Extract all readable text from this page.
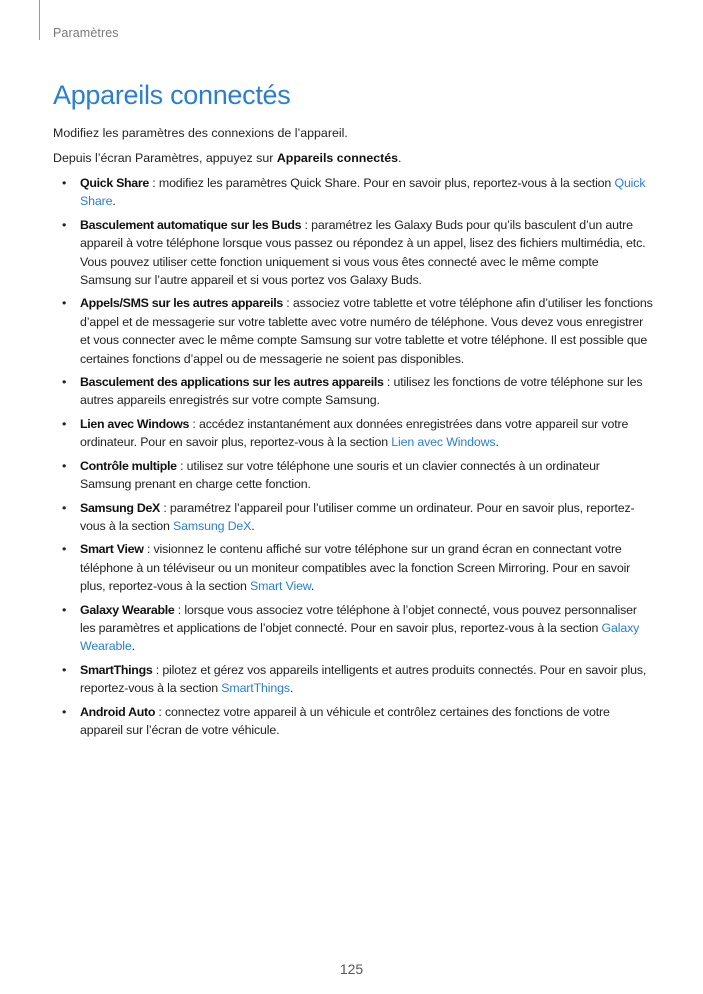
Paramètres
Appareils connectés

Modifiez les paramètres des connexions de l’appareil.

Depuis l’écran Paramètres, appuyez sur Appareils connectés.

• Quick Share : modifiez les paramètres Quick Share. Pour en savoir plus, reportez-vous à la section Quick Share.
• Basculement automatique sur les Buds : paramétrez les Galaxy Buds pour qu’ils basculent d’un autre appareil à votre téléphone lorsque vous passez ou répondez à un appel, lisez des fichiers multimédia, etc. Vous pouvez utiliser cette fonction uniquement si vous vous êtes connecté avec le même compte Samsung sur l’autre appareil et si vous portez vos Galaxy Buds.
• Appels/SMS sur les autres appareils : associez votre tablette et votre téléphone afin d’utiliser les fonctions d’appel et de messagerie sur votre tablette avec votre numéro de téléphone. Vous devez vous enregistrer et vous connecter avec le même compte Samsung sur votre tablette et votre téléphone. Il est possible que certaines fonctions d’appel ou de messagerie ne soient pas disponibles.
• Basculement des applications sur les autres appareils : utilisez les fonctions de votre téléphone sur les autres appareils enregistrés sur votre compte Samsung.
• Lien avec Windows : accédez instantanément aux données enregistrées dans votre appareil sur votre ordinateur. Pour en savoir plus, reportez-vous à la section Lien avec Windows.
• Contrôle multiple : utilisez sur votre téléphone une souris et un clavier connectés à un ordinateur Samsung prenant en charge cette fonction.
• Samsung DeX : paramétrez l’appareil pour l’utiliser comme un ordinateur. Pour en savoir plus, reportez-vous à la section Samsung DeX.
• Smart View : visionnez le contenu affiché sur votre téléphone sur un grand écran en connectant votre téléphone à un téléviseur ou un moniteur compatibles avec la fonction Screen Mirroring. Pour en savoir plus, reportez-vous à la section Smart View.
• Galaxy Wearable : lorsque vous associez votre téléphone à l’objet connecté, vous pouvez personnaliser les paramètres et applications de l’objet connecté. Pour en savoir plus, reportez-vous à la section Galaxy Wearable.
• SmartThings : pilotez et gérez vos appareils intelligents et autres produits connectés. Pour en savoir plus, reportez-vous à la section SmartThings.
• Android Auto : connectez votre appareil à un véhicule et contrôlez certaines des fonctions de votre appareil sur l’écran de votre véhicule.
125
